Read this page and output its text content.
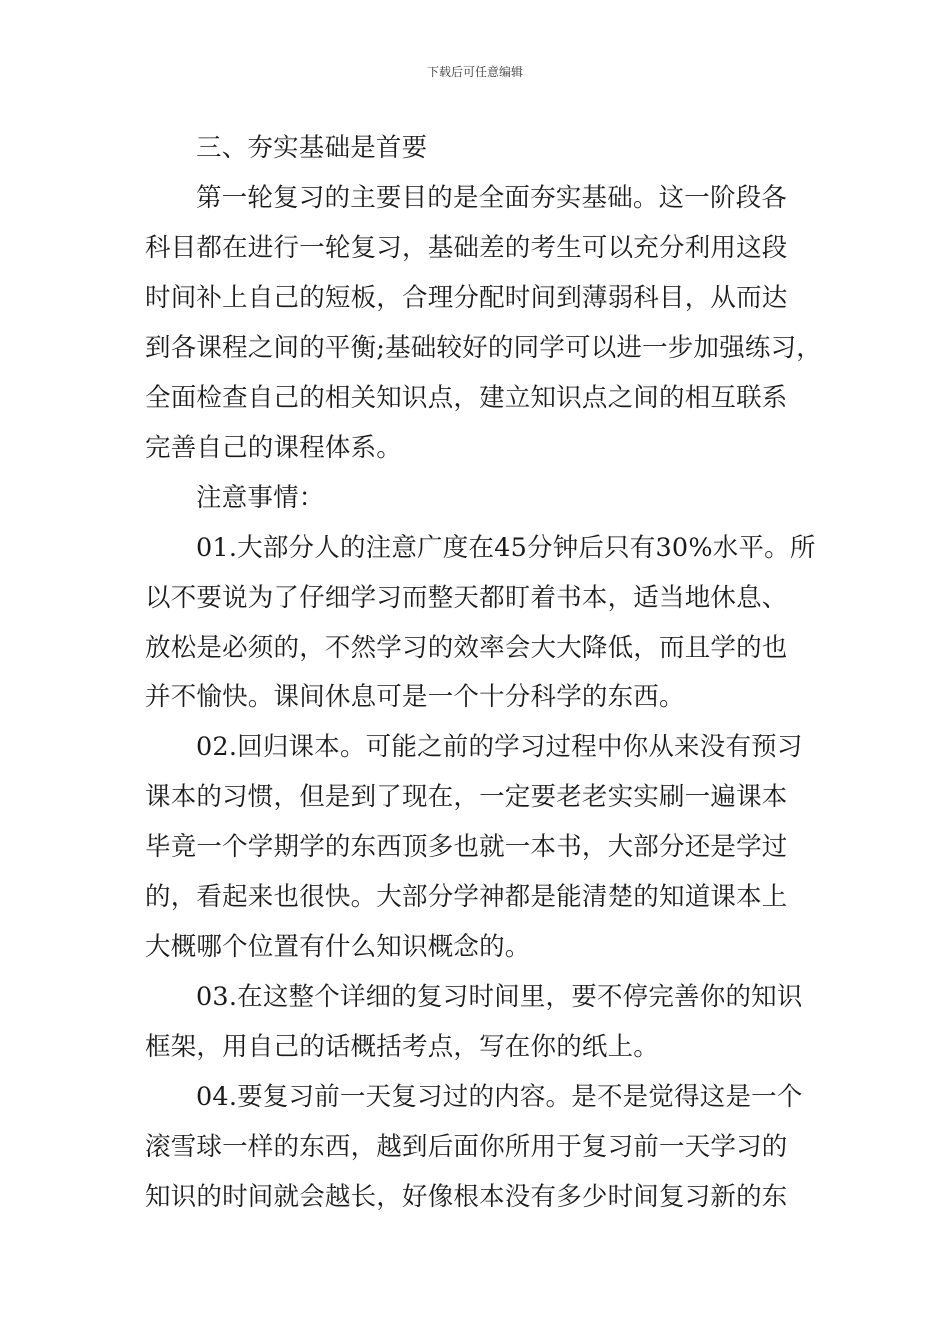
下载后可任意编辑
三、夯实基础是首要
第一轮复习的主要目的是全面夯实基础。这一阶段各
科目都在进行一轮复习，基础差的考生可以充分利用这段
时间补上自己的短板，合理分配时间到薄弱科目，从而达
到各课程之间的平衡;基础较好的同学可以进一步加强练习，
全面检查自己的相关知识点，建立知识点之间的相互联系
完善自己的课程体系。
注意事情：
01.大部分人的注意广度在45分钟后只有30%水平。所
以不要说为了仔细学习而整天都盯着书本，适当地休息、
放松是必须的，不然学习的效率会大大降低，而且学的也
并不愉快。课间休息可是一个十分科学的东西。
02.回归课本。可能之前的学习过程中你从来没有预习
课本的习惯，但是到了现在，一定要老老实实刷一遍课本
毕竟一个学期学的东西顶多也就一本书，大部分还是学过
的，看起来也很快。大部分学神都是能清楚的知道课本上
大概哪个位置有什么知识概念的。
03.在这整个详细的复习时间里，要不停完善你的知识
框架，用自己的话概括考点，写在你的纸上。
04.要复习前一天复习过的内容。是不是觉得这是一个
滚雪球一样的东西，越到后面你所用于复习前一天学习的
知识的时间就会越长，好像根本没有多少时间复习新的东
